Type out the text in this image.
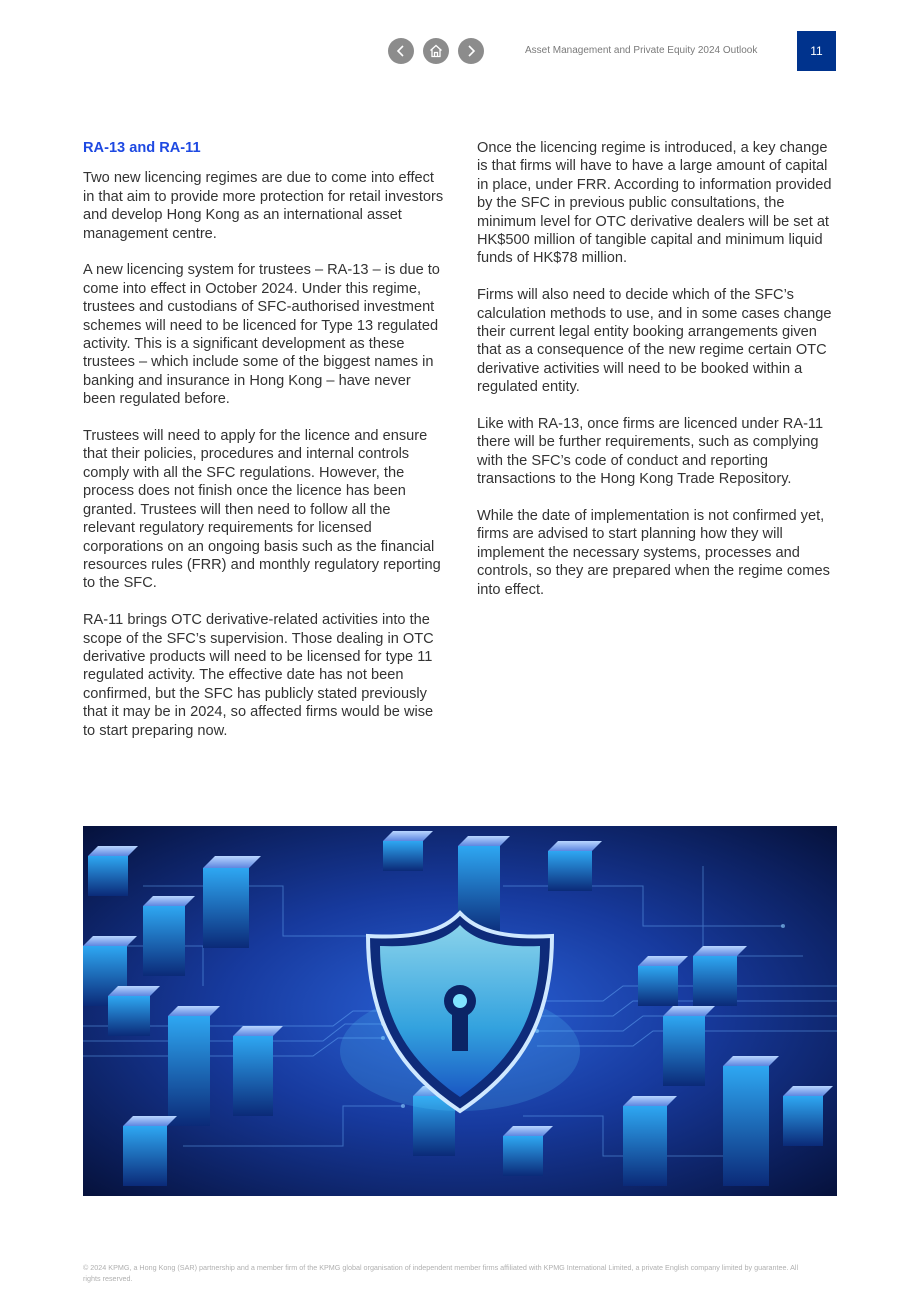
Asset Management and Private Equity 2024 Outlook	11
RA-13 and RA-11

Two new licencing regimes are due to come into effect in that aim to provide more protection for retail investors and develop Hong Kong as an international asset management centre.

A new licencing system for trustees – RA-13 – is due to come into effect in October 2024. Under this regime, trustees and custodians of SFC-authorised investment schemes will need to be licenced for Type 13 regulated activity. This is a significant development as these trustees – which include some of the biggest names in banking and insurance in Hong Kong – have never been regulated before.

Trustees will need to apply for the licence and ensure that their policies, procedures and internal controls comply with all the SFC regulations. However, the process does not finish once the licence has been granted. Trustees will then need to follow all the relevant regulatory requirements for licensed corporations on an ongoing basis such as the financial resources rules (FRR) and monthly regulatory reporting to the SFC.

RA-11 brings OTC derivative-related activities into the scope of the SFC’s supervision. Those dealing in OTC derivative products will need to be licensed for type 11 regulated activity. The effective date has not been confirmed, but the SFC has publicly stated previously that it may be in 2024, so affected firms would be wise to start preparing now.

Once the licencing regime is introduced, a key change is that firms will have to have a large amount of capital in place, under FRR. According to information provided by the SFC in previous public consultations, the minimum level for OTC derivative dealers will be set at HK$500 million of tangible capital and minimum liquid funds of HK$78 million.

Firms will also need to decide which of the SFC’s calculation methods to use, and in some cases change their current legal entity booking arrangements given that as a consequence of the new regime certain OTC derivative activities will need to be booked within a regulated entity.

Like with RA-13, once firms are licenced under RA-11 there will be further requirements, such as complying with the SFC’s code of conduct and reporting transactions to the Hong Kong Trade Repository.

While the date of implementation is not confirmed yet, firms are advised to start planning how they will implement the necessary systems, processes and controls, so they are prepared when the regime comes into effect.

© 2024 KPMG, a Hong Kong (SAR) partnership and a member firm of the KPMG global organisation of independent member firms affiliated with KPMG International Limited, a private English company limited by guarantee. All rights reserved.
